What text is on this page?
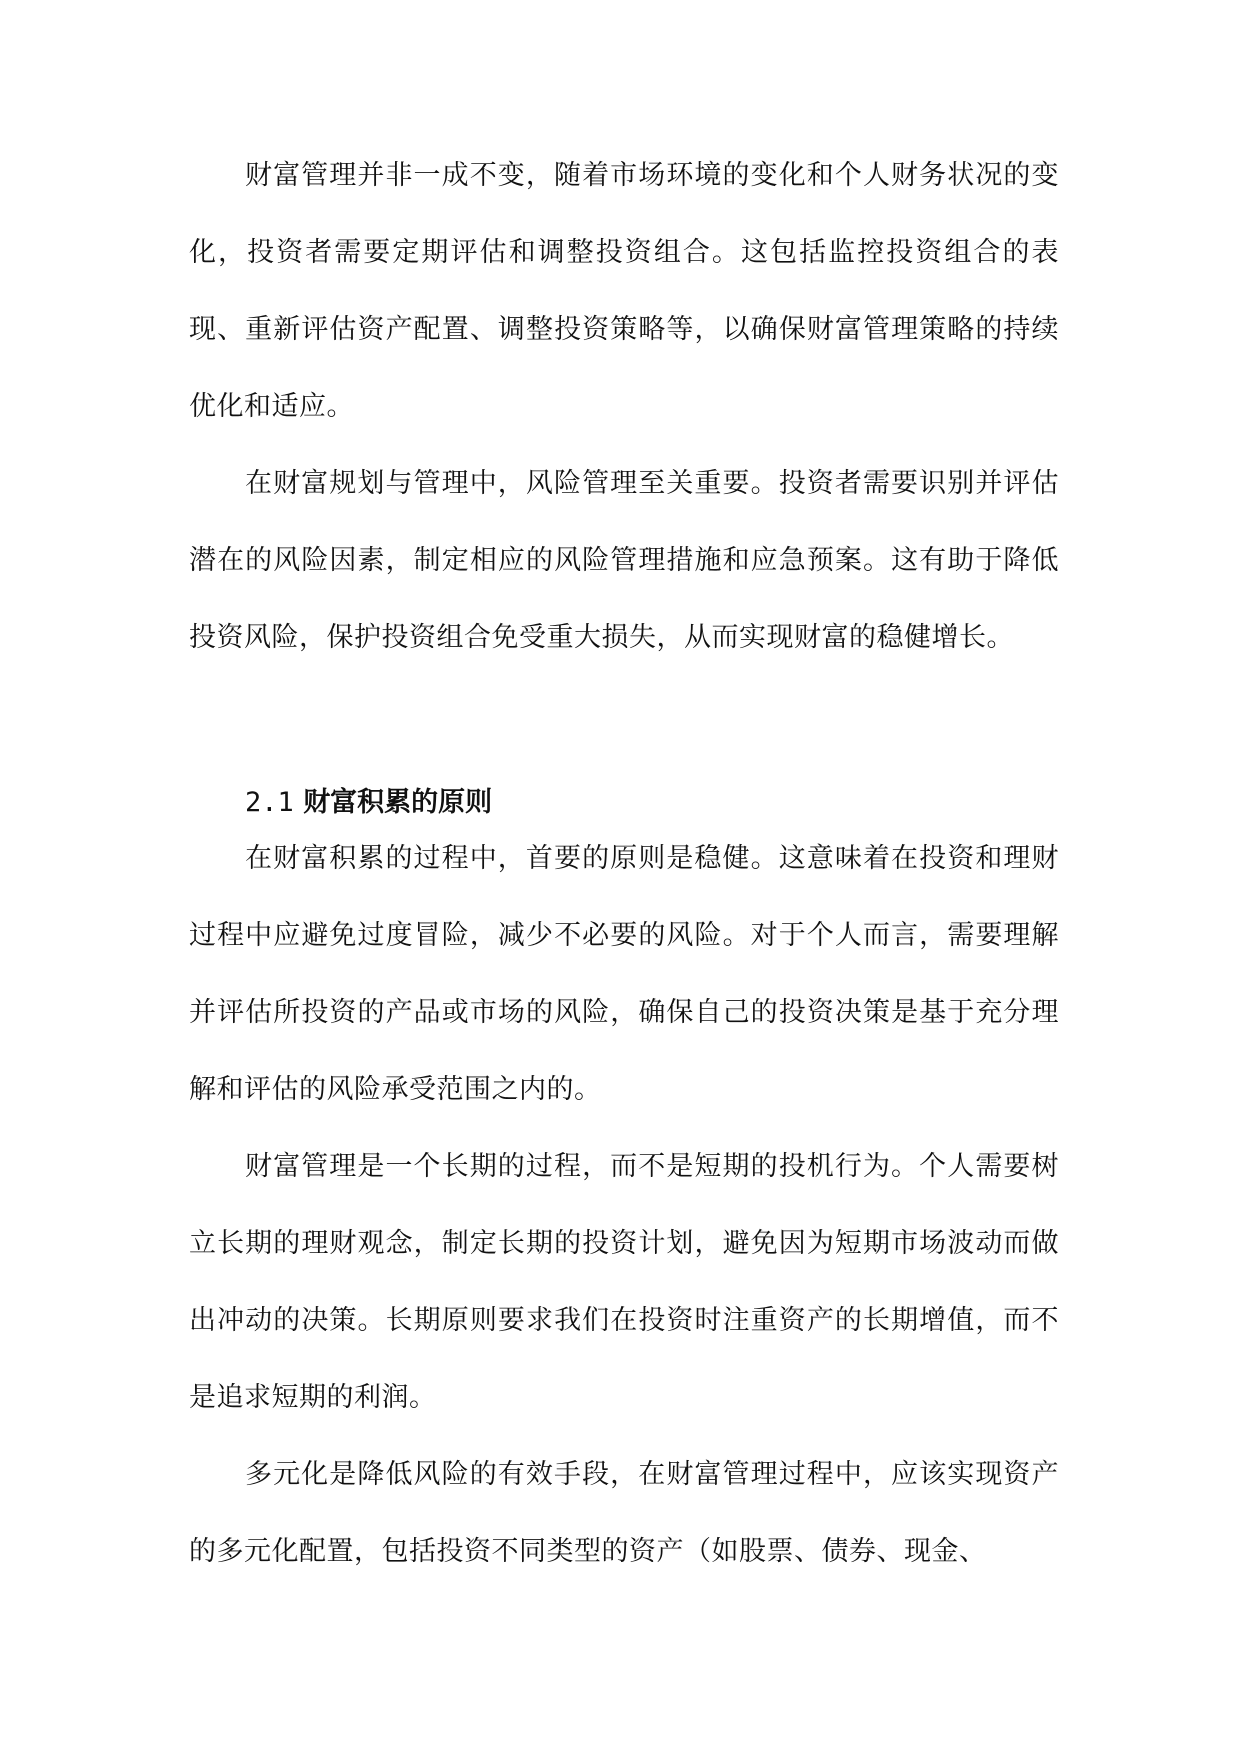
财富管理并非一成不变，随着市场环境的变化和个人财务状况的变化，投资者需要定期评估和调整投资组合。这包括监控投资组合的表现、重新评估资产配置、调整投资策略等，以确保财富管理策略的持续优化和适应。

在财富规划与管理中，风险管理至关重要。投资者需要识别并评估潜在的风险因素，制定相应的风险管理措施和应急预案。这有助于降低投资风险，保护投资组合免受重大损失，从而实现财富的稳健增长。

2.1 财富积累的原则

在财富积累的过程中，首要的原则是稳健。这意味着在投资和理财过程中应避免过度冒险，减少不必要的风险。对于个人而言，需要理解并评估所投资的产品或市场的风险，确保自己的投资决策是基于充分理解和评估的风险承受范围之内的。

财富管理是一个长期的过程，而不是短期的投机行为。个人需要树立长期的理财观念，制定长期的投资计划，避免因为短期市场波动而做出冲动的决策。长期原则要求我们在投资时注重资产的长期增值，而不是追求短期的利润。

多元化是降低风险的有效手段，在财富管理过程中，应该实现资产的多元化配置，包括投资不同类型的资产（如股票、债券、现金、
